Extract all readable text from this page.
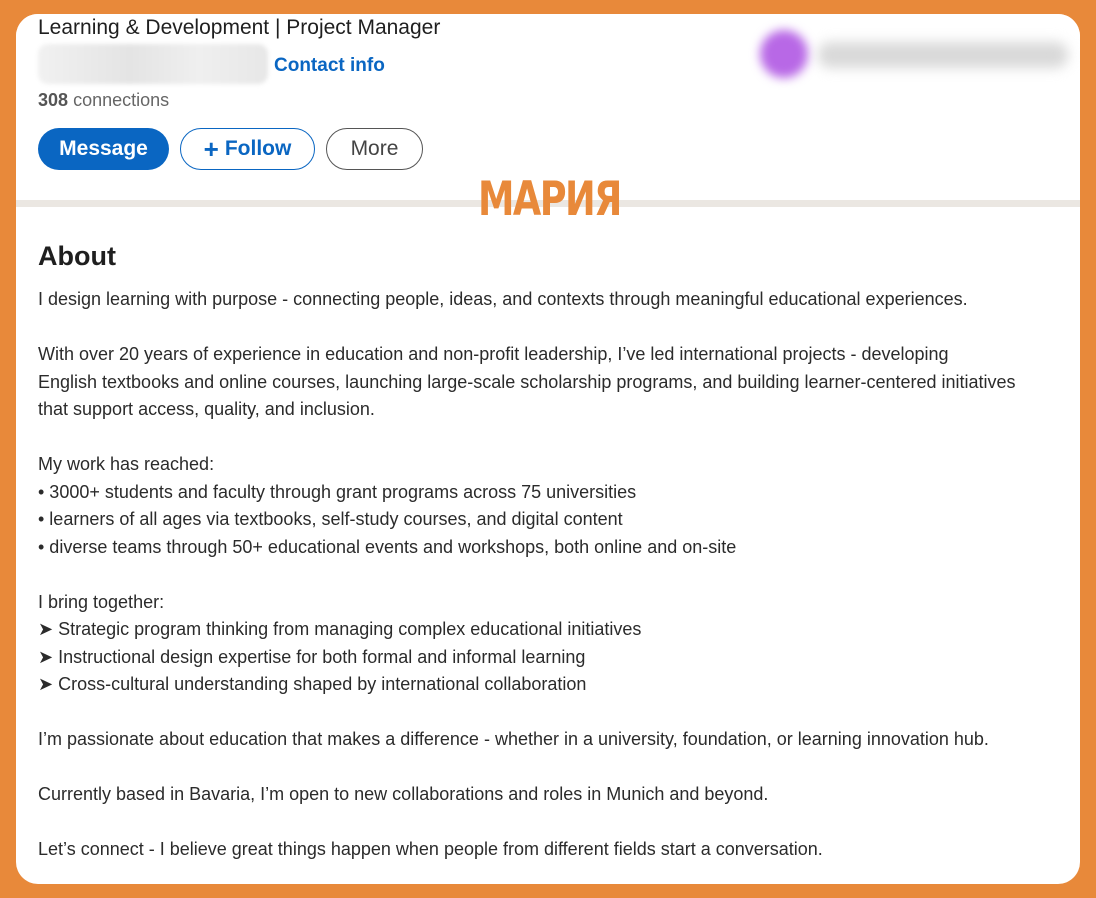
Learning & Development | Project Manager
Contact info
308 connections
Message + Follow	More
МАРИЯ
About
I design learning with purpose - connecting people, ideas, and contexts through meaningful educational experiences.
With over 20 years of experience in education and non-profit leadership, I’ve led international projects - developing
English textbooks and online courses, launching large-scale scholarship programs, and building learner-centered initiatives
that support access, quality, and inclusion.
My work has reached:
• 3000+ students and faculty through grant programs across 75 universities
• learners of all ages via textbooks, self-study courses, and digital content
• diverse teams through 50+ educational events and workshops, both online and on-site
I bring together:
➤ Strategic program thinking from managing complex educational initiatives
➤ Instructional design expertise for both formal and informal learning
➤ Cross-cultural understanding shaped by international collaboration
I’m passionate about education that makes a difference - whether in a university, foundation, or learning innovation hub.
Currently based in Bavaria, I’m open to new collaborations and roles in Munich and beyond.
Let’s connect - I believe great things happen when people from different fields start a conversation.
